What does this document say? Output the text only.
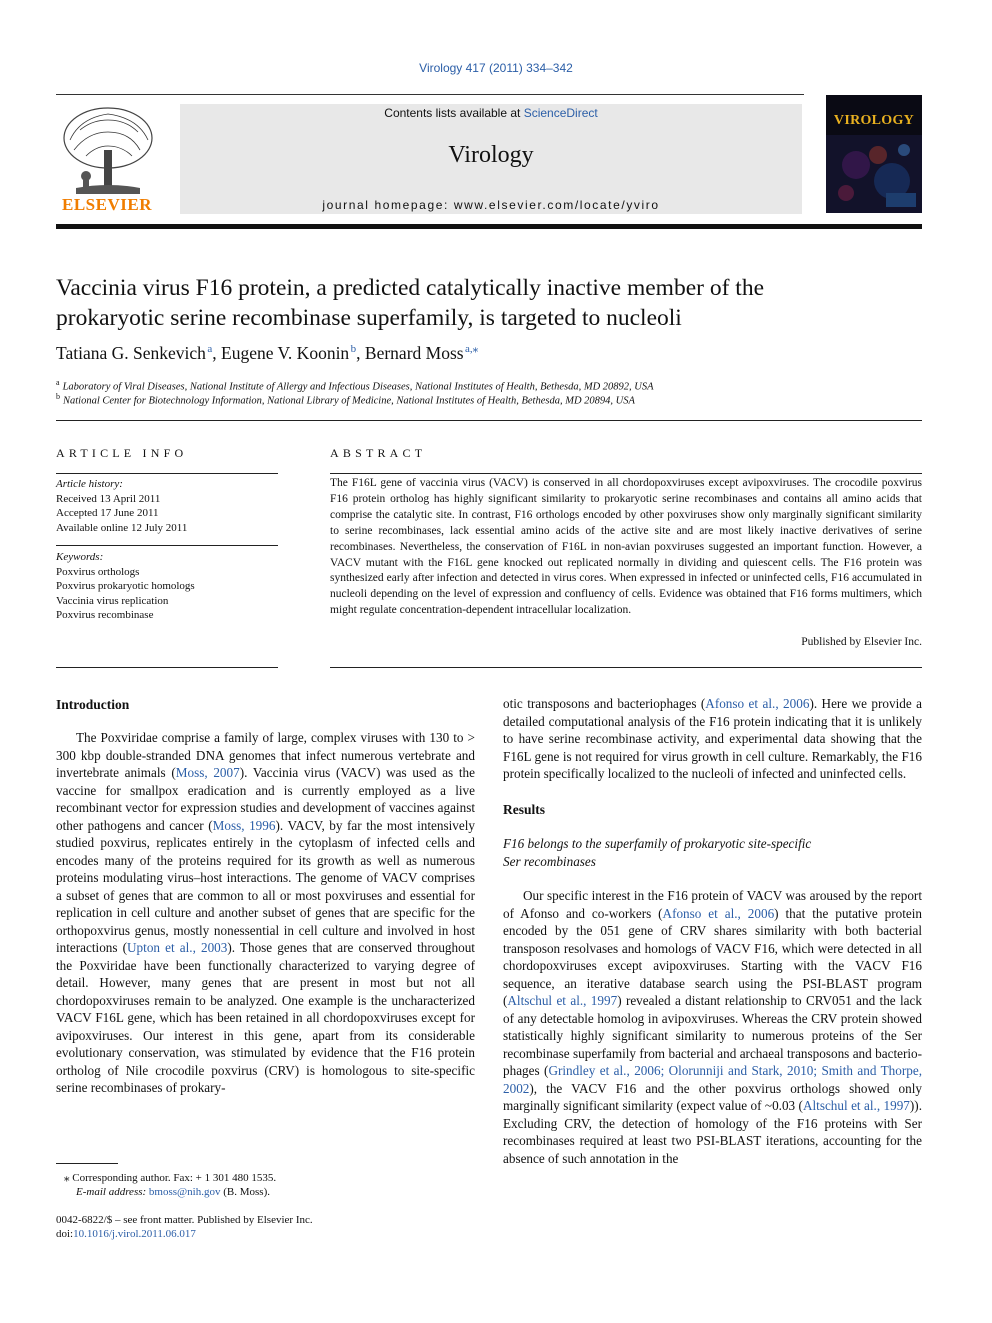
Virology 417 (2011) 334–342
ELSEVIER
Contents lists available at ScienceDirect
Virology
journal homepage: www.elsevier.com/locate/yviro
VIROLOGY
Vaccinia virus F16 protein, a predicted catalytically inactive member of the
prokaryotic serine recombinase superfamily, is targeted to nucleoli
Tatiana G. Senkevich $^a$, Eugene V. Koonin $^b$, Bernard Moss $^{a,⁎}$
$^a$ Laboratory of Viral Diseases, National Institute of Allergy and Infectious Diseases, National Institutes of Health, Bethesda, MD 20892, USA
$^b$ National Center for Biotechnology Information, National Library of Medicine, National Institutes of Health, Bethesda, MD 20894, USA
ARTICLE INFO
Article history:
Received 13 April 2011
Accepted 17 June 2011
Available online 12 July 2011
Keywords:
Poxvirus orthologs
Poxvirus prokaryotic homologs
Vaccinia virus replication
Poxvirus recombinase
ABSTRACT
The F16L gene of vaccinia virus (VACV) is conserved in all chordopoxviruses except avipoxviruses. The crocodile poxvirus F16 protein ortholog has highly significant similarity to prokaryotic serine recombinases and contains all amino acids that comprise the catalytic site. In contrast, F16 orthologs encoded by other poxviruses show only marginally significant similarity to serine recombinases, lack essential amino acids of the active site and are most likely inactive derivatives of serine recombinases. Nevertheless, the conservation of F16L in non-avian poxviruses suggested an important function. However, a VACV mutant with the F16L gene knocked out replicated normally in dividing and quiescent cells. The F16 protein was synthesized early after infection and detected in virus cores. When expressed in infected or uninfected cells, F16 accumulated in nucleoli depending on the level of expression and confluency of cells. Evidence was obtained that F16 forms multimers, which might regulate concentration-dependent intracellular localization.
Published by Elsevier Inc.
Introduction

The Poxviridae comprise a family of large, complex viruses with 130 to > 300 kbp double-stranded DNA genomes that infect numerous vertebrate and invertebrate animals (Moss, 2007). Vaccinia virus (VACV) was used as the vaccine for smallpox eradication and is currently employed as a live recombinant vector for expression studies and development of vaccines against other pathogens and cancer (Moss, 1996). VACV, by far the most intensively studied poxvirus, replicates entirely in the cytoplasm of infected cells and encodes many of the proteins required for its growth as well as numerous proteins modulating virus–host interactions. The genome of VACV comprises a subset of genes that are common to all or most poxviruses and essential for replication in cell culture and another subset of genes that are specific for the orthopoxvirus genus, mostly nonessential in cell culture and involved in host interactions (Upton et al., 2003). Those genes that are conserved throughout the Poxviridae have been functionally characterized to varying degree of detail. However, many genes that are present in most but not all chordopoxviruses remain to be analyzed. One example is the uncharacterized VACV F16L gene, which has been retained in all chordopoxviruses except for avipoxviruses. Our interest in this gene, apart from its considerable evolutionary conservation, was stimulated by evidence that the F16 protein ortholog of Nile crocodile poxvirus (CRV) is homologous to site-specific serine recombinases of prokary-

otic transposons and bacteriophages (Afonso et al., 2006). Here we provide a detailed computational analysis of the F16 protein indicating that it is unlikely to have serine recombinase activity, and experimental data showing that the F16L gene is not required for virus growth in cell culture. Remarkably, the F16 protein specifically localized to the nucleoli of infected and uninfected cells.

Results

F16 belongs to the superfamily of prokaryotic site-specific
Ser recombinases

Our specific interest in the F16 protein of VACV was aroused by the report of Afonso and co-workers (Afonso et al., 2006) that the putative protein encoded by the 051 gene of CRV shares similarity with both bacterial transposon resolvases and homologs of VACV F16, which were detected in all chordopoxviruses except avipoxviruses. Starting with the VACV F16 sequence, an iterative database search using the PSI-BLAST program (Altschul et al., 1997) revealed a distant relationship to CRV051 and the lack of any detectable homolog in avipoxviruses. Whereas the CRV protein showed statistically highly significant similarity to numerous proteins of the Ser recombinase superfamily from bacterial and archaeal transposons and bacterio-phages (Grindley et al., 2006; Olorunniji and Stark, 2010; Smith and Thorpe, 2002), the VACV F16 and the other poxvirus orthologs showed only marginally significant similarity (expect value of ~0.03 (Altschul et al., 1997)). Excluding CRV, the detection of homology of the F16 proteins with Ser recombinases required at least two PSI-BLAST iterations, accounting for the absence of such annotation in the

⁎ Corresponding author. Fax: + 1 301 480 1535.
E-mail address: bmoss@nih.gov (B. Moss).
0042-6822/$ – see front matter. Published by Elsevier Inc.
doi:10.1016/j.virol.2011.06.017
